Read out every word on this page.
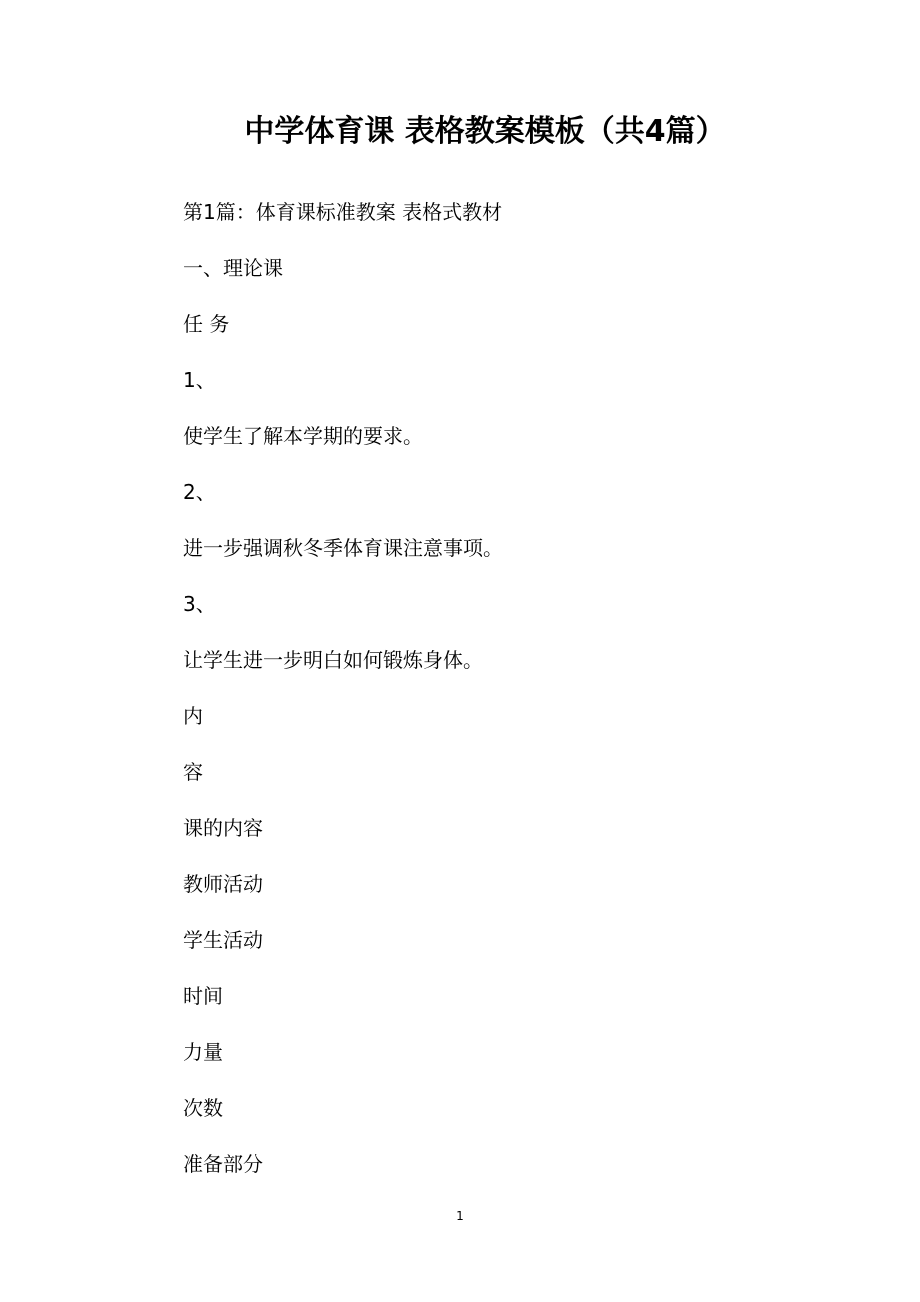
中学体育课 表格教案模板（共4篇）
第1篇：体育课标准教案 表格式教材
一、理论课
任 务
1、
使学生了解本学期的要求。
2、
进一步强调秋冬季体育课注意事项。
3、
让学生进一步明白如何锻炼身体。
内
容
课的内容
教师活动
学生活动
时间
力量
次数
准备部分
1
